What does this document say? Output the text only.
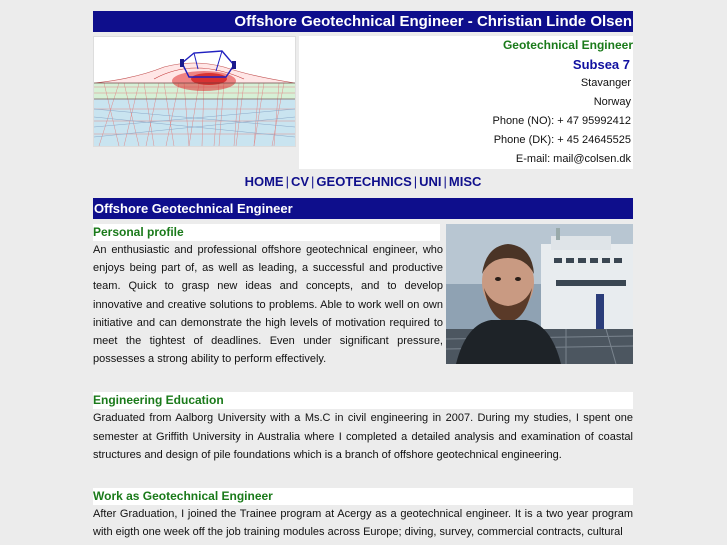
Offshore Geotechnical Engineer - Christian Linde Olsen
Geotechnical Engineer
Subsea 7
Stavanger
Norway
Phone (NO): + 47 95992412
Phone (DK): + 45 24645525
E-mail: mail@colsen.dk
HOME | CV | GEOTECHNICS | UNI | MISC
Offshore Geotechnical Engineer
Personal profile

An enthusiastic and professional offshore geotechnical engineer, who enjoys being part of, as well as leading, a successful and productive team. Quick to grasp new ideas and concepts, and to develop innovative and creative solutions to problems. Able to work well on own initiative and can demonstrate the high levels of motivation required to meet the tightest of deadlines. Even under significant pressure, possesses a strong ability to perform effectively.

Engineering Education

Graduated from Aalborg University with a Ms.C in civil engineering in 2007. During my studies, I spent one semester at Griffith University in Australia where I completed a detailed analysis and examination of coastal structures and design of pile foundations which is a branch of offshore geotechnical engineering.

Work as Geotechnical Engineer

After Graduation, I joined the Trainee program at Acergy as a geotechnical engineer. It is a two year program with eigth one week off the job training modules across Europe; diving, survey, commercial contracts, cultural
